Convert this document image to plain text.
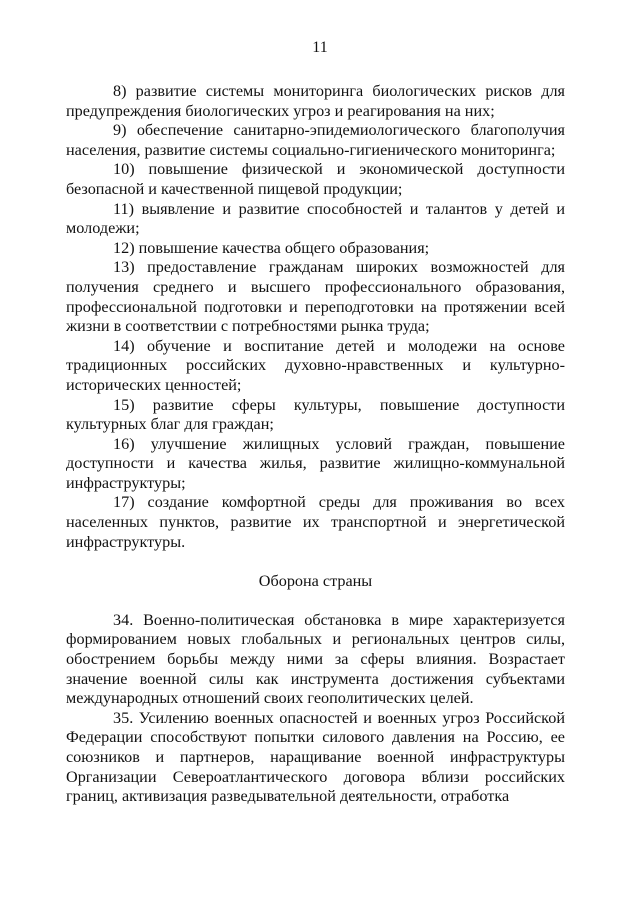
11

8) развитие системы мониторинга биологических рисков для предупреждения биологических угроз и реагирования на них;

9) обеспечение санитарно-эпидемиологического благополучия населения, развитие системы социально-гигиенического мониторинга;

10) повышение физической и экономической доступности безопасной и качественной пищевой продукции;

11) выявление и развитие способностей и талантов у детей и молодежи;

12) повышение качества общего образования;

13) предоставление гражданам широких возможностей для получения среднего и высшего профессионального образования, профессиональной подготовки и переподготовки на протяжении всей жизни в соответствии с потребностями рынка труда;

14) обучение и воспитание детей и молодежи на основе традиционных российских духовно-нравственных и культурно-исторических ценностей;

15) развитие сферы культуры, повышение доступности культурных благ для граждан;

16) улучшение жилищных условий граждан, повышение доступности и качества жилья, развитие жилищно-коммунальной инфраструктуры;

17) создание комфортной среды для проживания во всех населенных пунктов, развитие их транспортной и энергетической инфраструктуры.

Оборона страны

34. Военно-политическая обстановка в мире характеризуется формированием новых глобальных и региональных центров силы, обострением борьбы между ними за сферы влияния. Возрастает значение военной силы как инструмента достижения субъектами международных отношений своих геополитических целей.

35. Усилению военных опасностей и военных угроз Российской Федерации способствуют попытки силового давления на Россию, ее союзников и партнеров, наращивание военной инфраструктуры Организации Североатлантического договора вблизи российских границ, активизация разведывательной деятельности, отработка
